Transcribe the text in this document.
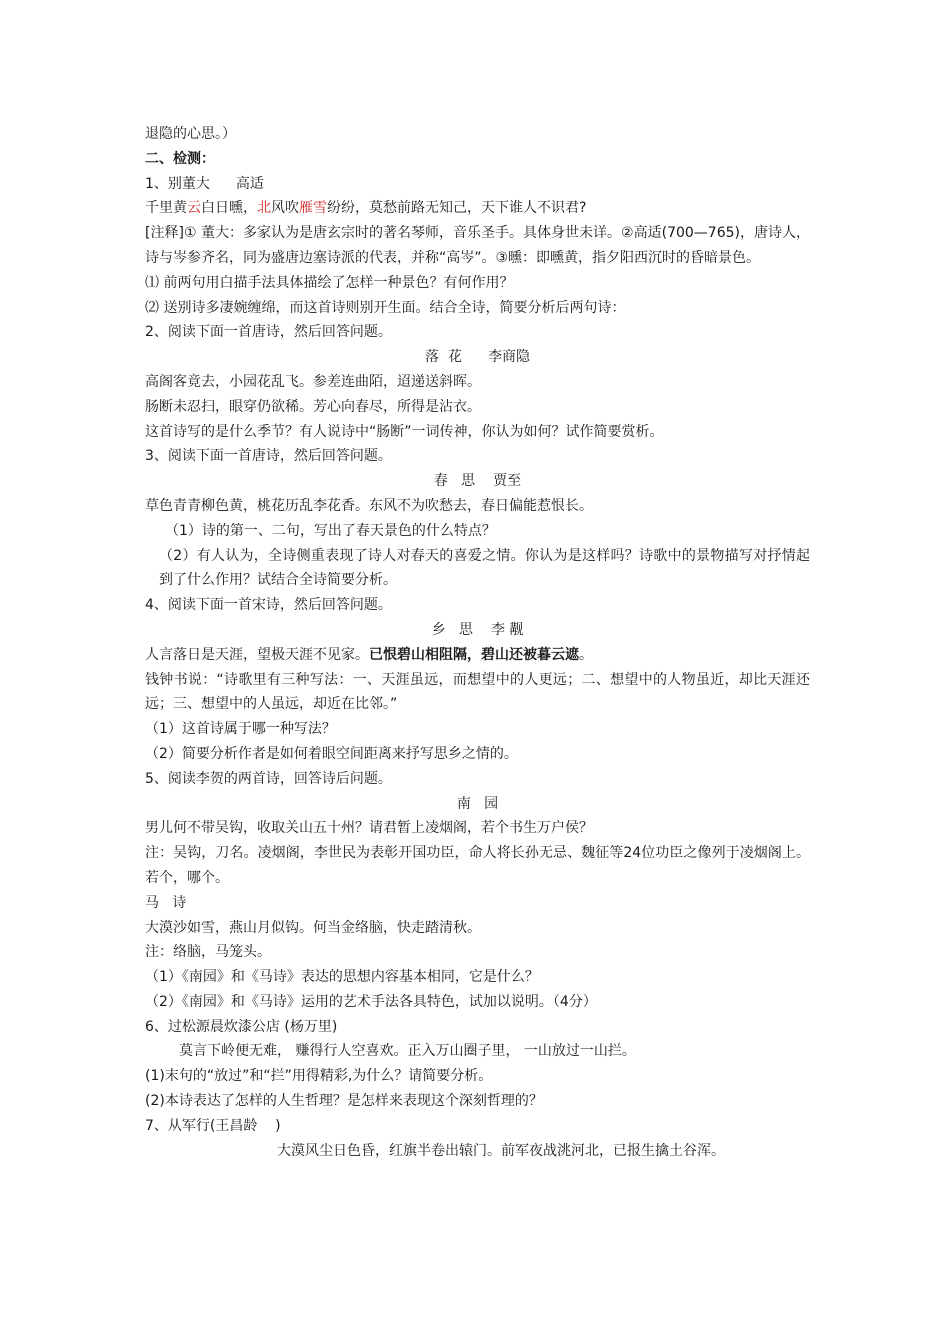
退隐的心思。）
二、检测：
1、别董大 高适
千里黄云白日曛，北风吹雁雪纷纷，莫愁前路无知己，天下谁人不识君?
[注释]① 董大：多家认为是唐玄宗时的著名琴师，音乐圣手。具体身世未详。②高适(700—765)，唐诗人，诗与岑参齐名，同为盛唐边塞诗派的代表，并称“高岑”。③曛：即曛黄，指夕阳西沉时的昏暗景色。
⑴ 前两句用白描手法具体描绘了怎样一种景色？有何作用？
⑵ 送别诗多凄婉缠绵，而这首诗则别开生面。结合全诗，简要分析后两句诗：
2、阅读下面一首唐诗，然后回答问题。
落  花 李商隐
高阁客竟去，小园花乱飞。参差连曲陌，迢递送斜晖。
肠断未忍扫，眼穿仍欲稀。芳心向春尽，所得是沾衣。
这首诗写的是什么季节？有人说诗中“肠断”一词传神，你认为如何？试作简要赏析。
3、阅读下面一首唐诗，然后回答问题。
春   思 贾至
草色青青柳色黄，桃花历乱李花香。东风不为吹愁去，春日偏能惹恨长。
（1）诗的第一、二句，写出了春天景色的什么特点？
（2）有人认为，全诗侧重表现了诗人对春天的喜爱之情。你认为是这样吗？诗歌中的景物描写对抒情起到了什么作用？试结合全诗简要分析。
4、阅读下面一首宋诗，然后回答问题。
乡   思 李 觏
人言落日是天涯，望极天涯不见家。已恨碧山相阻隔，碧山还被暮云遮。
钱钟书说：“诗歌里有三种写法：一、天涯虽远，而想望中的人更远；二、想望中的人物虽近，却比天涯还远；三、想望中的人虽远，却近在比邻。”
（1）这首诗属于哪一种写法？
（2）简要分析作者是如何着眼空间距离来抒写思乡之情的。
5、阅读李贺的两首诗，回答诗后问题。
南   园
男儿何不带吴钩，收取关山五十州？请君暂上凌烟阁，若个书生万户侯？
注：吴钩，刀名。凌烟阁，李世民为表彰开国功臣，命人将长孙无忌、魏征等24位功臣之像列于凌烟阁上。若个，哪个。
马   诗
大漠沙如雪，燕山月似钩。何当金络脑，快走踏清秋。
注：络脑，马笼头。
（1）《南园》和《马诗》表达的思想内容基本相同，它是什么？
（2）《南园》和《马诗》运用的艺术手法各具特色，试加以说明。（4分）
6、过松源晨炊漆公店 (杨万里)
莫言下岭便无难， 赚得行人空喜欢。正入万山圈子里， 一山放过一山拦。
(1)末句的“放过”和“拦”用得精彩,为什么？请简要分析。
(2)本诗表达了怎样的人生哲理？是怎样来表现这个深刻哲理的？
7、从军行(王昌龄    )
大漠风尘日色昏，红旗半卷出辕门。前军夜战洮河北，已报生擒土谷浑。
